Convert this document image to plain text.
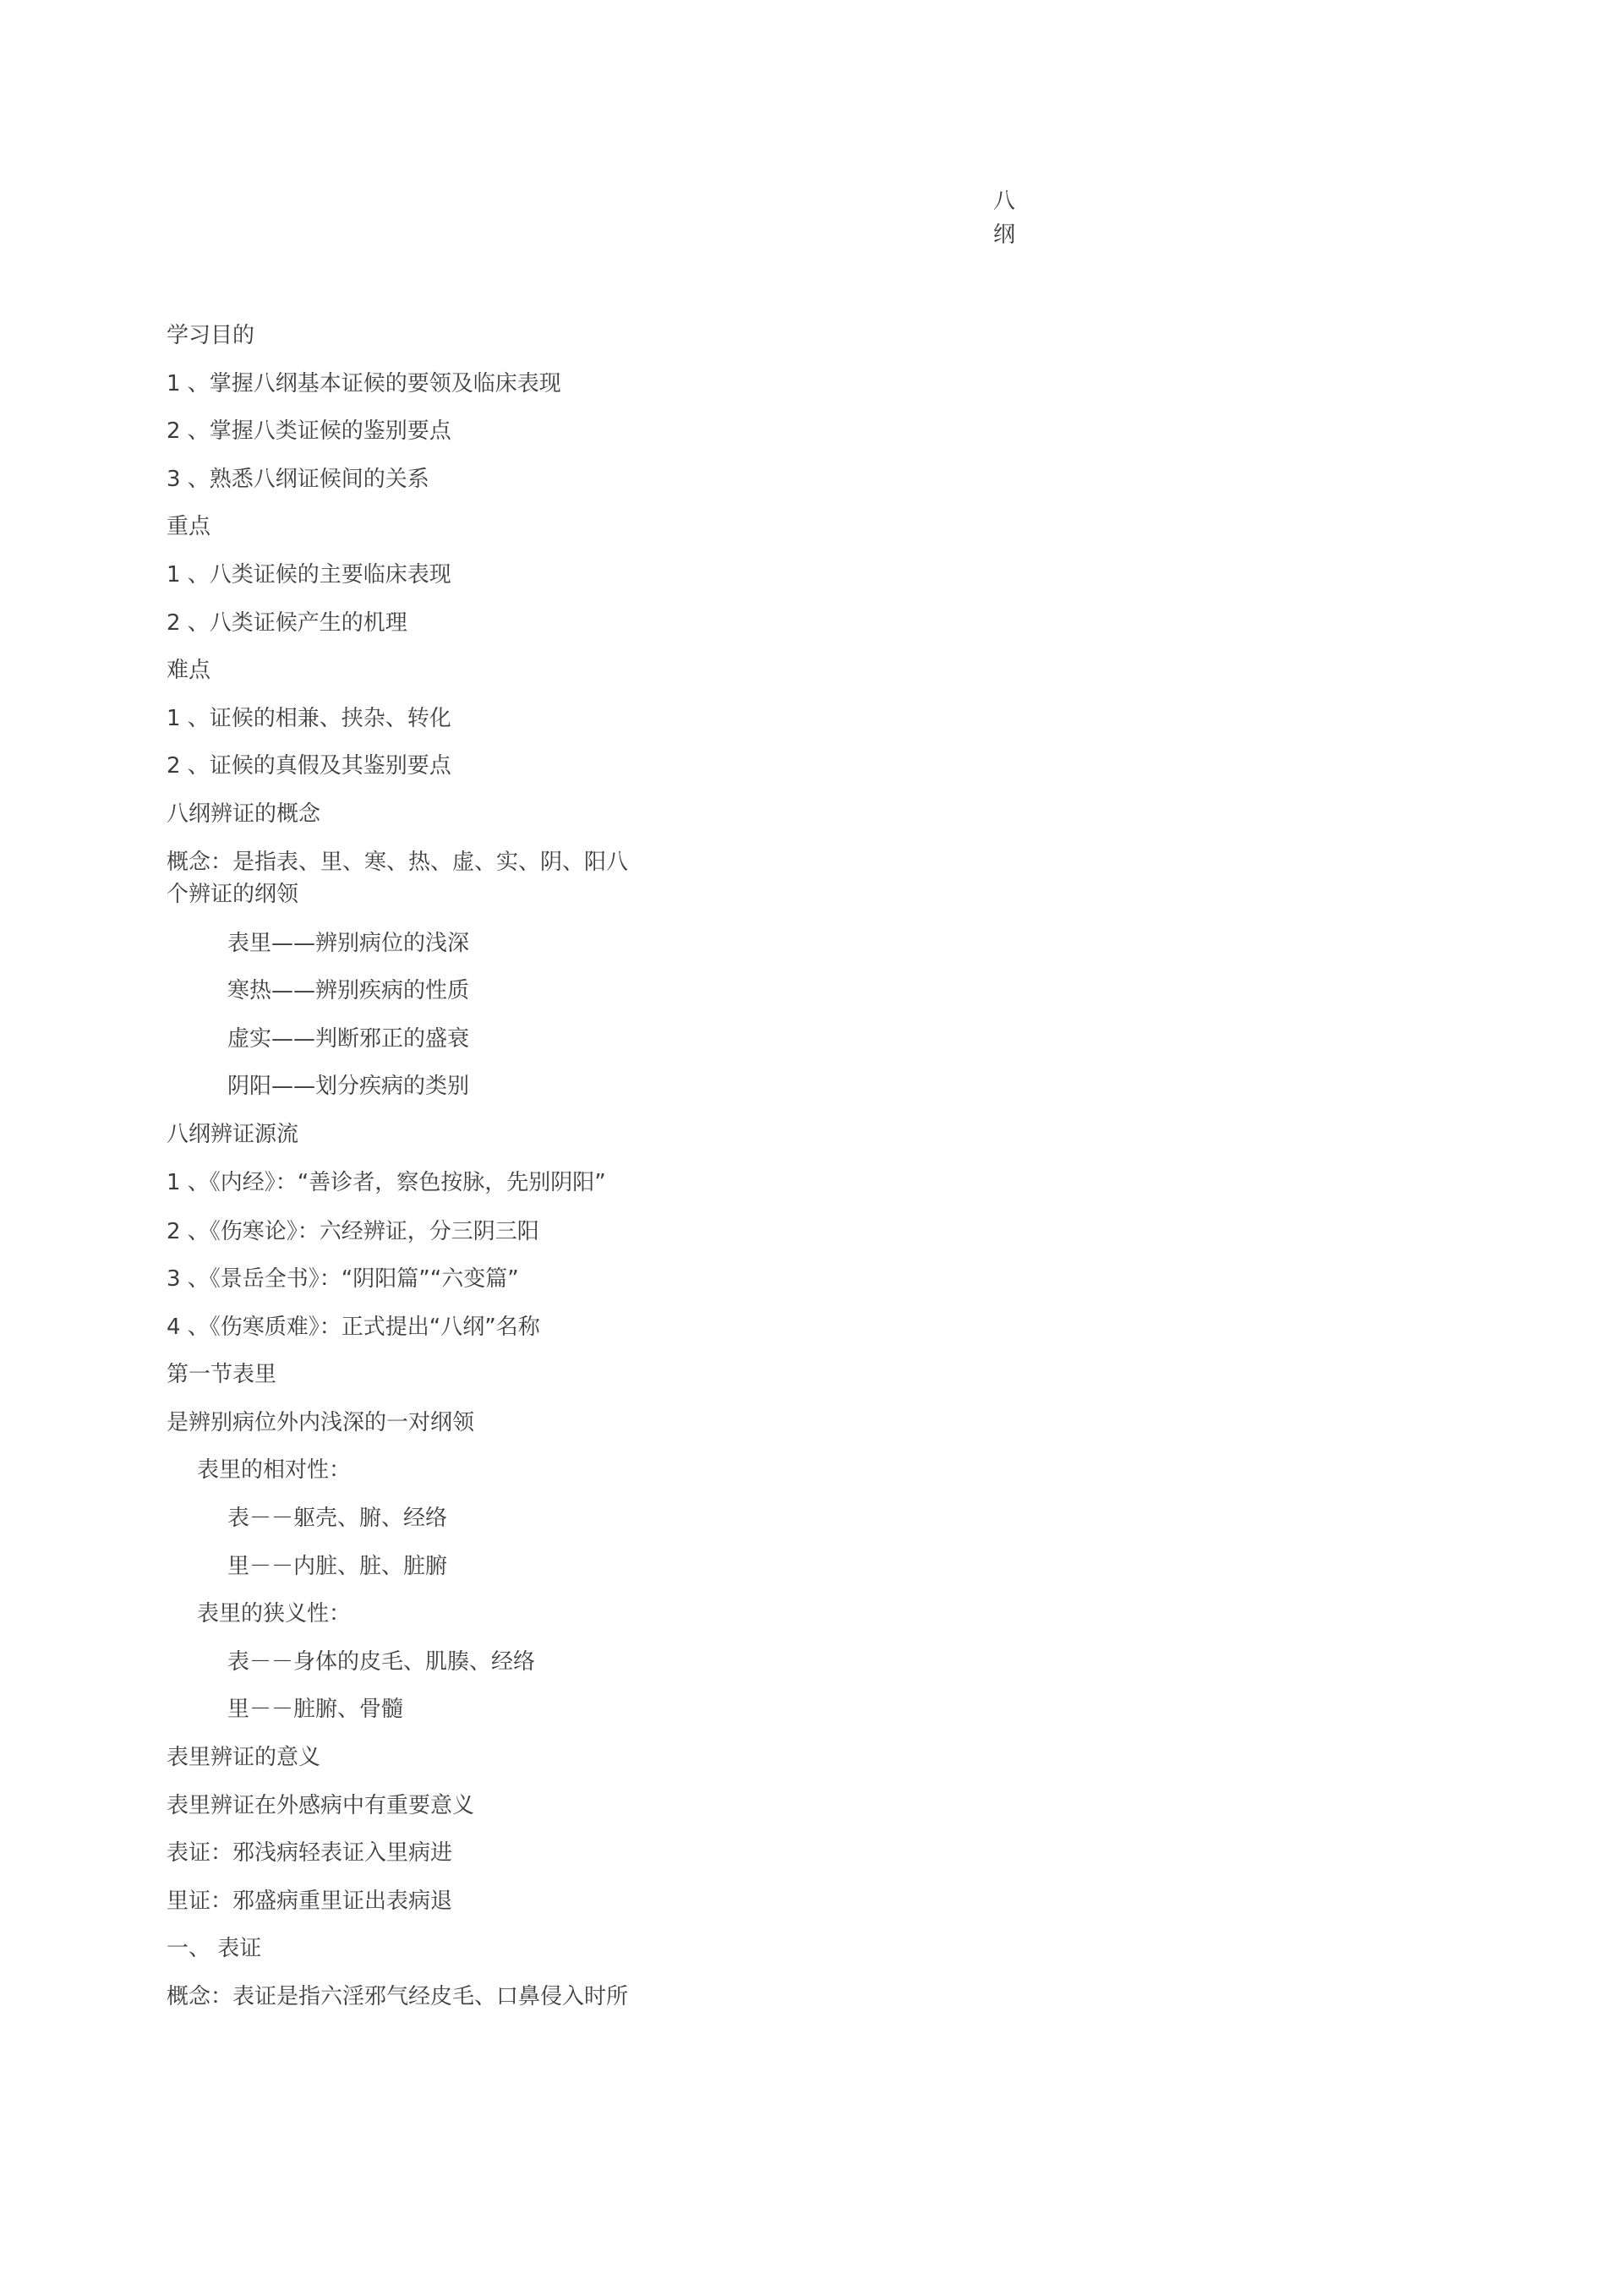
八
纲
学习目的
1 、掌握八纲基本证候的要领及临床表现
2 、掌握八类证候的鉴别要点
3 、熟悉八纲证候间的关系
重点
1 、八类证候的主要临床表现
2 、八类证候产生的机理
难点
1 、证候的相兼、挟杂、转化
2 、证候的真假及其鉴别要点
八纲辨证的概念
概念：是指表、里、寒、热、虚、实、阴、阳八个辨证的纲领
表里——辨别病位的浅深
寒热——辨别疾病的性质
虚实——判断邪正的盛衰
阴阳——划分疾病的类别
八纲辨证源流
1 、《内经》：“善诊者，察色按脉，先别阴阳”
2 、《伤寒论》：六经辨证，分三阴三阳
3 、《景岳全书》：“阴阳篇”“六变篇”
4 、《伤寒质难》：正式提出“八纲”名称
第一节表里
是辨别病位外内浅深的一对纲领
表里的相对性：
表－－躯壳、腑、经络
里－－内脏、脏、脏腑
表里的狭义性：
表－－身体的皮毛、肌腠、经络
里－－脏腑、骨髓
表里辨证的意义
表里辨证在外感病中有重要意义
表证：邪浅病轻表证入里病进
里证：邪盛病重里证出表病退
一、 表证
概念：表证是指六淫邪气经皮毛、口鼻侵入时所
